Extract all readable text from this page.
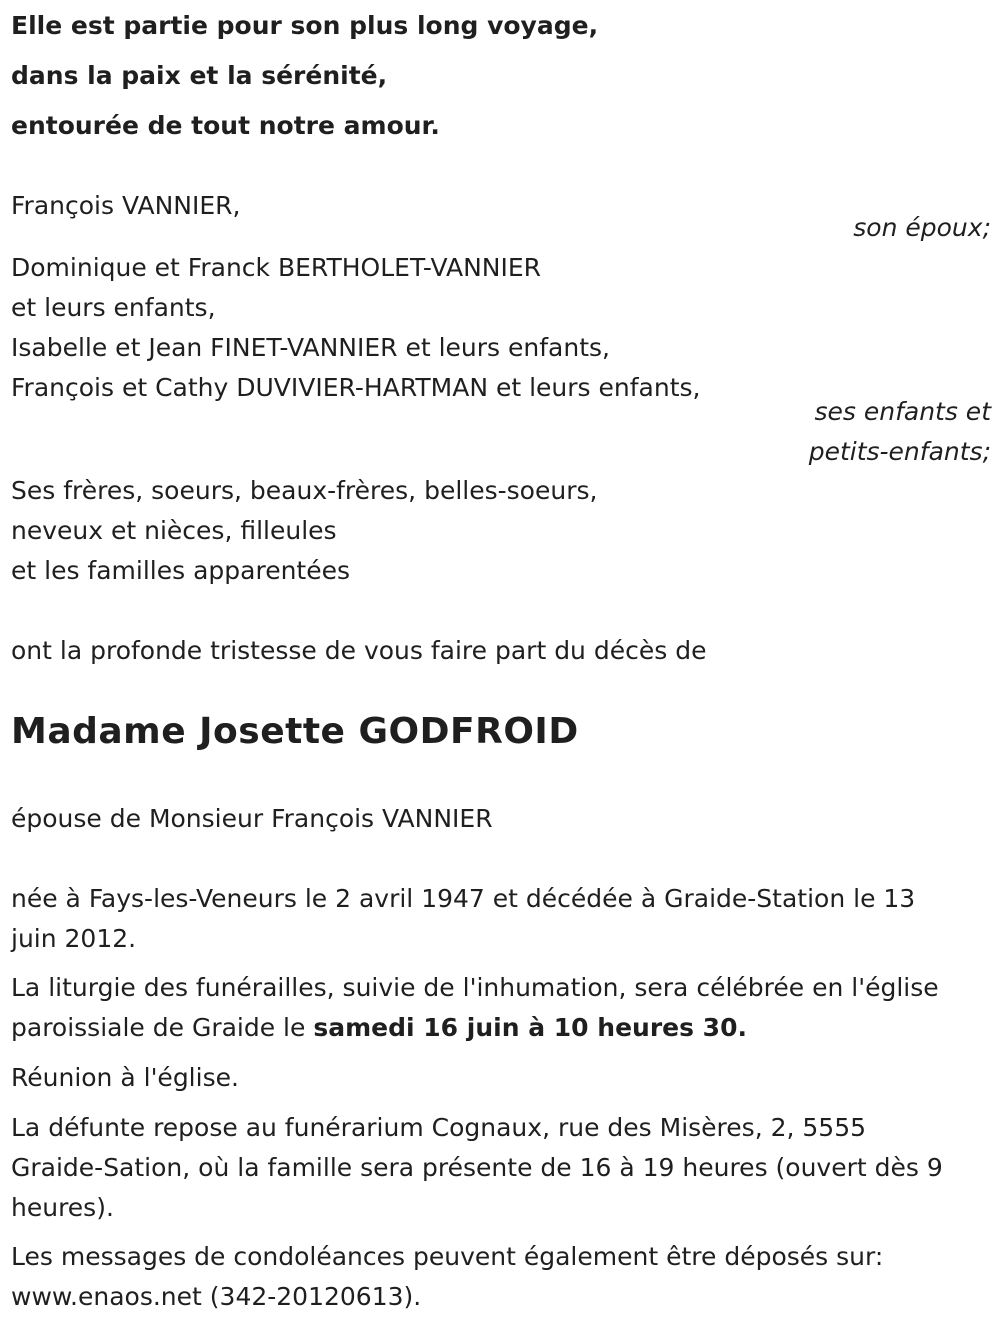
Elle est partie pour son plus long voyage,
dans la paix et la sérénité,
entourée de tout notre amour.
François VANNIER,
son époux;
Dominique et Franck BERTHOLET-VANNIER
et leurs enfants,
Isabelle et Jean FINET-VANNIER et leurs enfants,
François et Cathy DUVIVIER-HARTMAN et leurs enfants,
ses enfants et
petits-enfants;
Ses frères, soeurs, beaux-frères, belles-soeurs,
neveux et nièces, filleules
et les familles apparentées
ont la profonde tristesse de vous faire part du décès de
Madame Josette GODFROID
épouse de Monsieur François VANNIER
née à Fays-les-Veneurs le 2 avril 1947 et décédée à Graide-Station le 13
juin 2012.
La liturgie des funérailles, suivie de l'inhumation, sera célébrée en l'église
paroissiale de Graide le samedi 16 juin à 10 heures 30.
Réunion à l'église.
La défunte repose au funérarium Cognaux, rue des Misères, 2, 5555
Graide-Sation, où la famille sera présente de 16 à 19 heures (ouvert dès 9
heures).
Les messages de condoléances peuvent également être déposés sur:
www.enaos.net (342-20120613).
